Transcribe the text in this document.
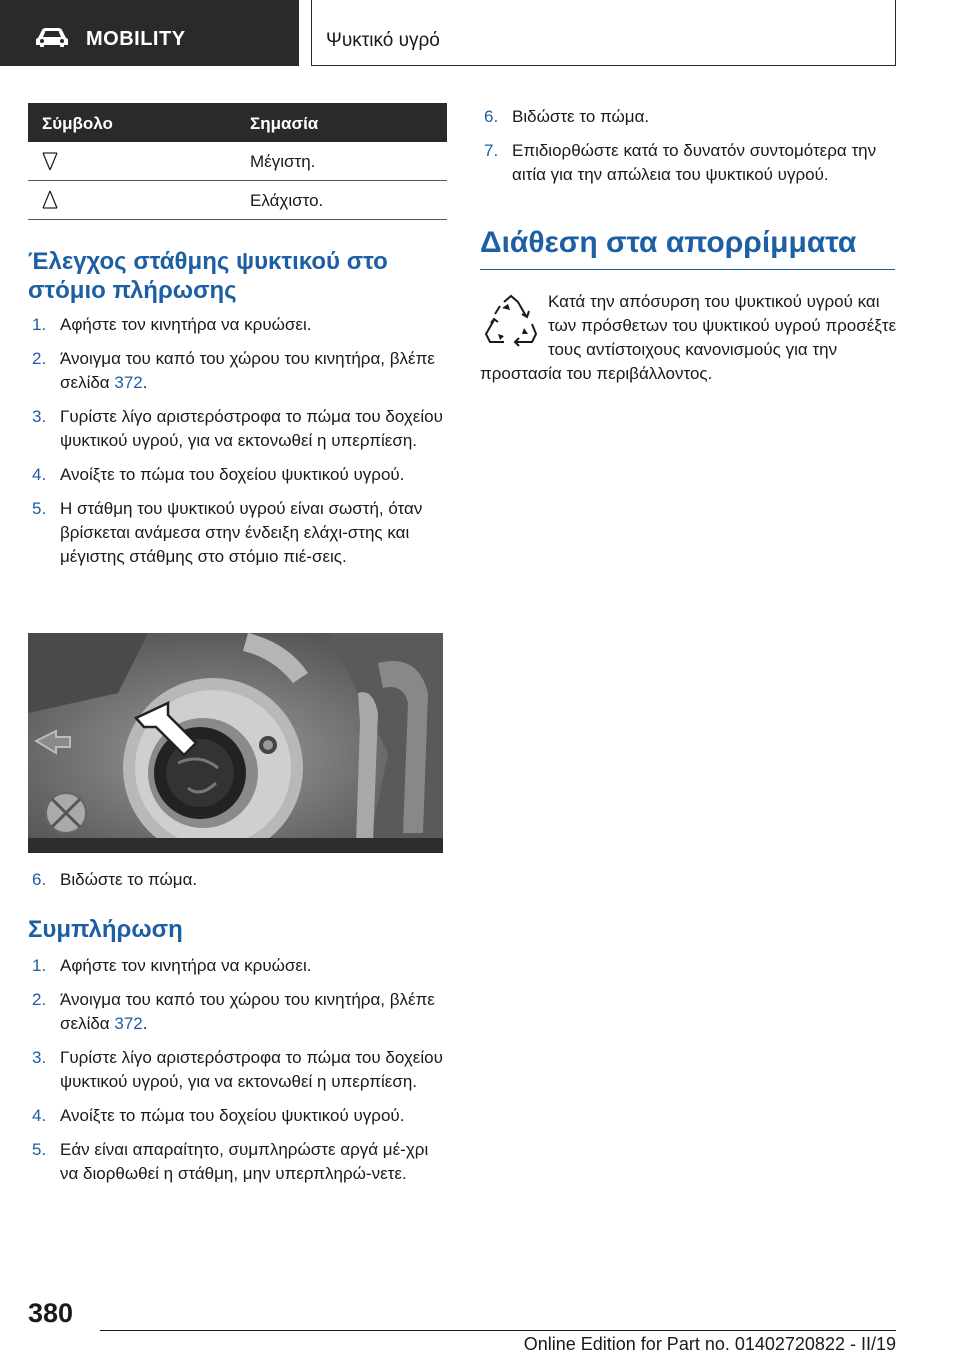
MOBILITY	Ψυκτικό υγρό
Σύμβολο	Σημασία
Μέγιστη.
Ελάχιστο.
Έλεγχος στάθμης ψυκτικού στο στόμιο πλήρωσης
1. Αφήστε τον κινητήρα να κρυώσει.
2. Άνοιγμα του καπό του χώρου του κινητήρα, βλέπε σελίδα 372.
3. Γυρίστε λίγο αριστερόστροφα το πώμα του δοχείου ψυκτικού υγρού, για να εκτονωθεί η υπερπίεση.
4. Ανοίξτε το πώμα του δοχείου ψυκτικού υγρού.
5. Η στάθμη του ψυκτικού υγρού είναι σωστή, όταν βρίσκεται ανάμεσα στην ένδειξη ελάχι-στης και μέγιστης στάθμης στο στόμιο πιέ-σεις.
6. Βιδώστε το πώμα.
Συμπλήρωση
1. Αφήστε τον κινητήρα να κρυώσει.
2. Άνοιγμα του καπό του χώρου του κινητήρα, βλέπε σελίδα 372.
3. Γυρίστε λίγο αριστερόστροφα το πώμα του δοχείου ψυκτικού υγρού, για να εκτονωθεί η υπερπίεση.
4. Ανοίξτε το πώμα του δοχείου ψυκτικού υγρού.
5. Εάν είναι απαραίτητο, συμπληρώστε αργά μέ-χρι να διορθωθεί η στάθμη, μην υπερπληρώ-νετε.
6. Βιδώστε το πώμα.
7. Επιδιορθώστε κατά το δυνατόν συντομότερα την αιτία για την απώλεια του ψυκτικού υγρού.
Διάθεση στα απορρίμματα
Κατά την απόσυρση του ψυκτικού υγρού και των πρόσθετων του ψυκτικού υγρού προσέξτε τους αντίστοιχους κανονισμούς για την προστασία του περιβάλλοντος.
380
Online Edition for Part no. 01402720822 - II/19
